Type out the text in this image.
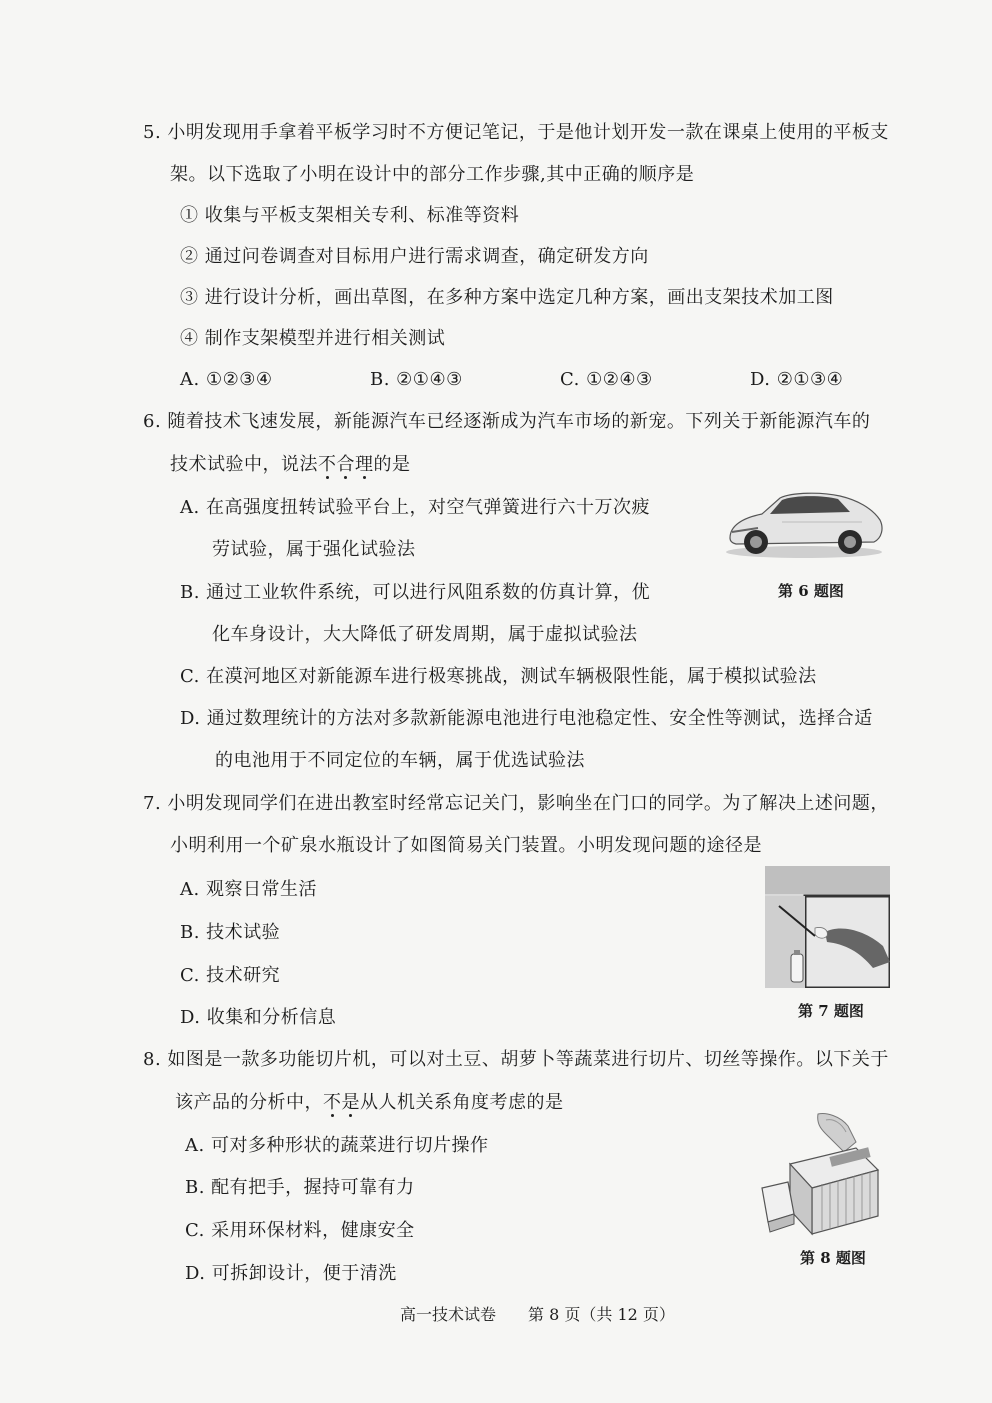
5. 小明发现用手拿着平板学习时不方便记笔记，于是他计划开发一款在课桌上使用的平板支
架。以下选取了小明在设计中的部分工作步骤,其中正确的顺序是
① 收集与平板支架相关专利、标准等资料
② 通过问卷调查对目标用户进行需求调查，确定研发方向
③ 进行设计分析，画出草图，在多种方案中选定几种方案，画出支架技术加工图
④ 制作支架模型并进行相关测试
A. ①②③④	B. ②①④③	C. ①②④③	D. ②①③④
6. 随着技术飞速发展，新能源汽车已经逐渐成为汽车市场的新宠。下列关于新能源汽车的
技术试验中，说法不合理的是
A. 在高强度扭转试验平台上，对空气弹簧进行六十万次疲
劳试验，属于强化试验法
B. 通过工业软件系统，可以进行风阻系数的仿真计算，优
化车身设计，大大降低了研发周期，属于虚拟试验法
C. 在漠河地区对新能源车进行极寒挑战，测试车辆极限性能，属于模拟试验法
D. 通过数理统计的方法对多款新能源电池进行电池稳定性、安全性等测试，选择合适
的电池用于不同定位的车辆，属于优选试验法
第 6 题图
7. 小明发现同学们在进出教室时经常忘记关门，影响坐在门口的同学。为了解决上述问题，
小明利用一个矿泉水瓶设计了如图简易关门装置。小明发现问题的途径是
A. 观察日常生活
B. 技术试验
C. 技术研究
D. 收集和分析信息	第 7 题图
8. 如图是一款多功能切片机，可以对土豆、胡萝卜等蔬菜进行切片、切丝等操作。以下关于
该产品的分析中，不是从人机关系角度考虑的是
A. 可对多种形状的蔬菜进行切片操作
B. 配有把手，握持可靠有力
C. 采用环保材料，健康安全
D. 可拆卸设计，便于清洗
第 8 题图
高一技术试卷　　第 8 页（共 12 页）
